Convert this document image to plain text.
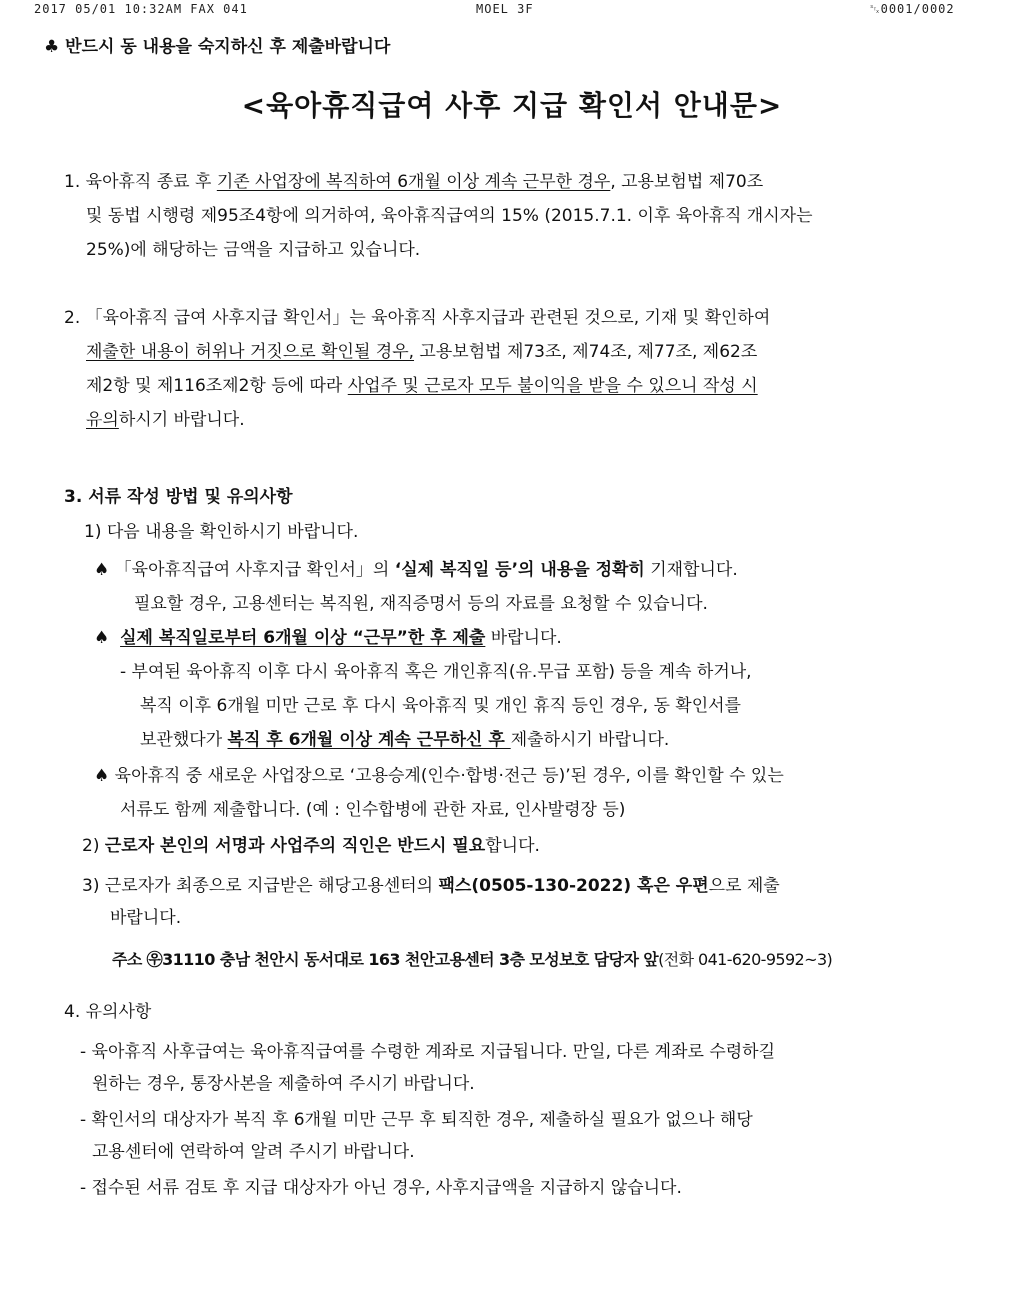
2017 05/01 10:32AM FAX 041	MOEL 3F	␂0001/0002
♣ 반드시 동 내용을 숙지하신 후 제출바랍니다
<육아휴직급여 사후 지급 확인서 안내문>
1. 육아휴직 종료 후 기존 사업장에 복직하여 6개월 이상 계속 근무한 경우, 고용보험법 제70조
및 동법 시행령 제95조4항에 의거하여, 육아휴직급여의 15% (2015.7.1. 이후 육아휴직 개시자는
25%)에 해당하는 금액을 지급하고 있습니다.
2. 「육아휴직 급여 사후지급 확인서」는 육아휴직 사후지급과 관련된 것으로, 기재 및 확인하여
제출한 내용이 허위나 거짓으로 확인될 경우, 고용보험법 제73조, 제74조, 제77조, 제62조
제2항 및 제116조제2항 등에 따라 사업주 및 근로자 모두 불이익을 받을 수 있으니 작성 시
유의하시기 바랍니다.
3. 서류 작성 방법 및 유의사항
1) 다음 내용을 확인하시기 바랍니다.
♠ 「육아휴직급여 사후지급 확인서」의 ‘실제 복직일 등’의 내용을 정확히 기재합니다.
필요할 경우, 고용센터는 복직원, 재직증명서 등의 자료를 요청할 수 있습니다.
♠ 실제 복직일로부터 6개월 이상 “근무”한 후 제출 바랍니다.
- 부여된 육아휴직 이후 다시 육아휴직 혹은 개인휴직(유.무급 포함) 등을 계속 하거나,
복직 이후 6개월 미만 근로 후 다시 육아휴직 및 개인 휴직 등인 경우, 동 확인서를
보관했다가 복직 후 6개월 이상 계속 근무하신 후 제출하시기 바랍니다.
♠ 육아휴직 중 새로운 사업장으로 ‘고용승계(인수·합병·전근 등)’된 경우, 이를 확인할 수 있는
서류도 함께 제출합니다. (예 : 인수합병에 관한 자료, 인사발령장 등)
2) 근로자 본인의 서명과 사업주의 직인은 반드시 필요합니다.
3) 근로자가 최종으로 지급받은 해당고용센터의 팩스(0505-130-2022) 혹은 우편으로 제출
바랍니다.
주소 ㉾31110 충남 천안시 동서대로 163 천안고용센터 3층 모성보호 담당자 앞(전화 041-620-9592~3)
4. 유의사항
- 육아휴직 사후급여는 육아휴직급여를 수령한 계좌로 지급됩니다. 만일, 다른 계좌로 수령하길
원하는 경우, 통장사본을 제출하여 주시기 바랍니다.
- 확인서의 대상자가 복직 후 6개월 미만 근무 후 퇴직한 경우, 제출하실 필요가 없으나 해당
고용센터에 연락하여 알려 주시기 바랍니다.
- 접수된 서류 검토 후 지급 대상자가 아닌 경우, 사후지급액을 지급하지 않습니다.
